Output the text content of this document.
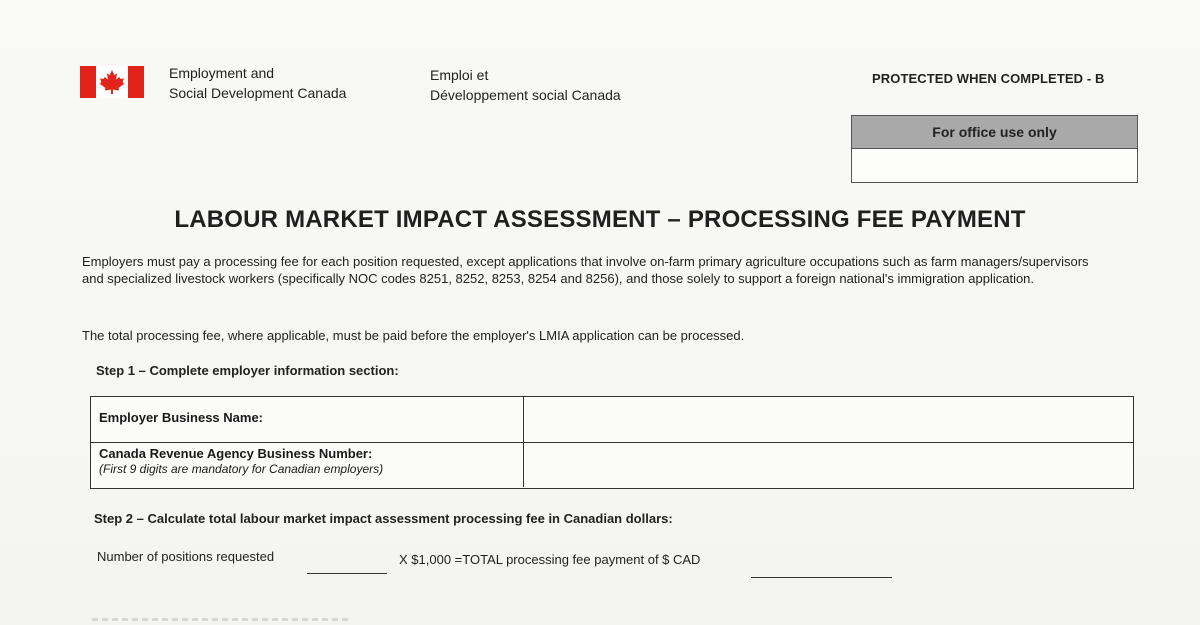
Employment and
Social Development Canada
Emploi et
Développement social Canada
PROTECTED WHEN COMPLETED - B
For office use only
LABOUR MARKET IMPACT ASSESSMENT – PROCESSING FEE PAYMENT
Employers must pay a processing fee for each position requested, except applications that involve on-farm primary agriculture occupations such as farm managers/supervisors and specialized livestock workers (specifically NOC codes 8251, 8252, 8253, 8254 and 8256), and those solely to support a foreign national's immigration application.
The total processing fee, where applicable, must be paid before the employer's LMIA application can be processed.
Step 1 – Complete employer information section:
Employer Business Name:
Canada Revenue Agency Business Number:
(First 9 digits are mandatory for Canadian employers)
Step 2 – Calculate total labour market impact assessment processing fee in Canadian dollars:
Number of positions requested	X $1,000 =TOTAL processing fee payment of $ CAD
